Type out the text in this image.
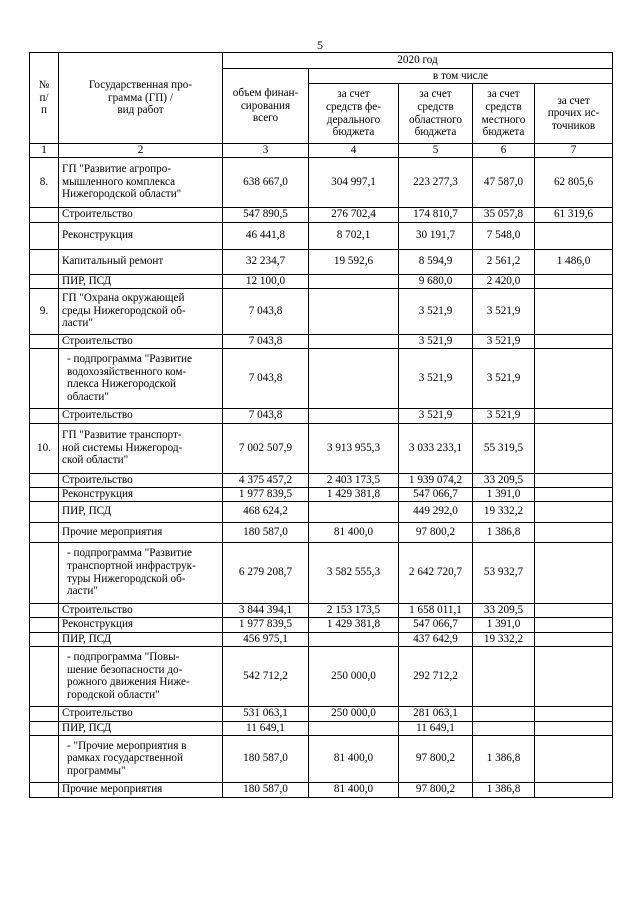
5
№
п/
п	Государственная про-
грамма (ГП) /
вид работ	2020 год				
		объем финан-
сирования
всего	в том числе			
			за счет
средств фе-
дерального
бюджета	за счет
средств
областного
бюджета	за счет
средств
местного
бюджета	за счет
прочих ис-
точников
1	2	3	4	5	6	7
8.	ГП "Развитие агропро-
мышленного комплекса
Нижегородской области"	638 667,0	304 997,1	223 277,3	47 587,0	62 805,6
	Строительство	547 890,5	276 702,4	174 810,7	35 057,8	61 319,6
	Реконструкция	46 441,8	8 702,1	30 191,7	7 548,0	
	Капитальный ремонт	32 234,7	19 592,6	8 594,9	2 561,2	1 486,0
	ПИР, ПСД	12 100,0		9 680,0	2 420,0	
9.	ГП "Охрана окружающей
среды Нижегородской об-
ласти"	7 043,8		3 521,9	3 521,9	
	Строительство	7 043,8		3 521,9	3 521,9	
	- подпрограмма "Развитие
водохозяйственного ком-
плекса Нижегородской
области"	7 043,8		3 521,9	3 521,9	
	Строительство	7 043,8		3 521,9	3 521,9	
10.	ГП "Развитие транспорт-
ной системы Нижегород-
ской области"	7 002 507,9	3 913 955,3	3 033 233,1	55 319,5	
	Строительство	4 375 457,2	2 403 173,5	1 939 074,2	33 209,5	
	Реконструкция	1 977 839,5	1 429 381,8	547 066,7	1 391,0	
	ПИР, ПСД	468 624,2		449 292,0	19 332,2	
	Прочие мероприятия	180 587,0	81 400,0	97 800,2	1 386,8	
	- подпрограмма "Развитие
транспортной инфраструк-
туры Нижегородской об-
ласти"	6 279 208,7	3 582 555,3	2 642 720,7	53 932,7	
	Строительство	3 844 394,1	2 153 173,5	1 658 011,1	33 209,5	
	Реконструкция	1 977 839,5	1 429 381,8	547 066,7	1 391,0	
	ПИР, ПСД	456 975,1		437 642,9	19 332,2	
	- подпрограмма "Повы-
шение безопасности до-
рожного движения Ниже-
городской области"	542 712,2	250 000,0	292 712,2		
	Строительство	531 063,1	250 000,0	281 063,1		
	ПИР, ПСД	11 649,1		11 649,1		
	- "Прочие мероприятия в
рамках государственной
программы"	180 587,0	81 400,0	97 800,2	1 386,8	
	Прочие мероприятия	180 587,0	81 400,0	97 800,2	1 386,8	
